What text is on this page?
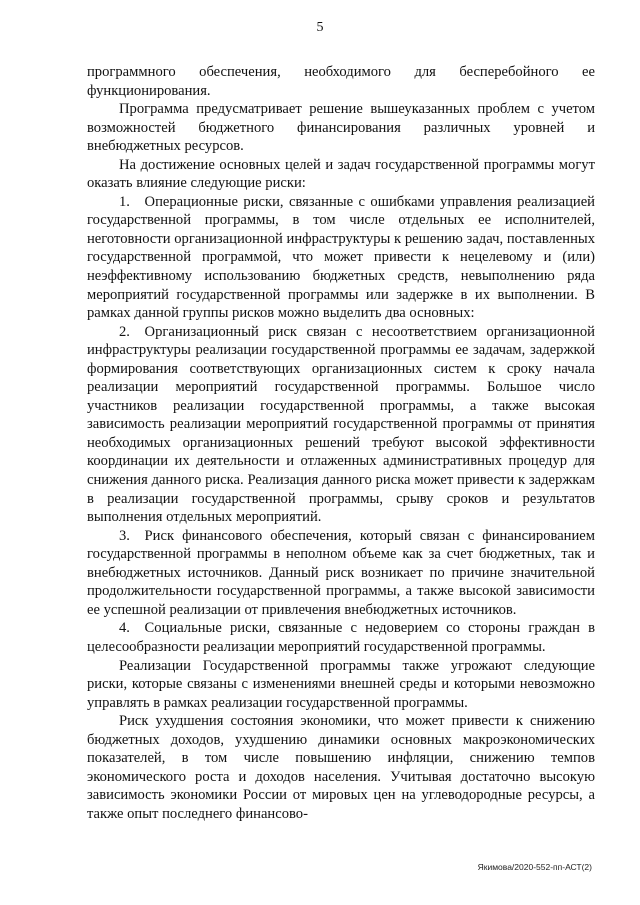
5

программного обеспечения, необходимого для бесперебойного ее функционирования.

Программа предусматривает решение вышеуказанных проблем с учетом возможностей бюджетного финансирования различных уровней и внебюджетных ресурсов.

На достижение основных целей и задач государственной программы могут оказать влияние следующие риски:

1. Операционные риски, связанные с ошибками управления реализацией государственной программы, в том числе отдельных ее исполнителей, неготовности организационной инфраструктуры к решению задач, поставленных государственной программой, что может привести к нецелевому и (или) неэффективному использованию бюджетных средств, невыполнению ряда мероприятий государственной программы или задержке в их выполнении. В рамках данной группы рисков можно выделить два основных:

2. Организационный риск связан с несоответствием организационной инфраструктуры реализации государственной программы ее задачам, задержкой формирования соответствующих организационных систем к сроку начала реализации мероприятий государственной программы. Большое число участников реализации государственной программы, а также высокая зависимость реализации мероприятий государственной программы от принятия необходимых организационных решений требуют высокой эффективности координации их деятельности и отлаженных административных процедур для снижения данного риска. Реализация данного риска может привести к задержкам в реализации государственной программы, срыву сроков и результатов выполнения отдельных мероприятий.

3. Риск финансового обеспечения, который связан с финансированием государственной программы в неполном объеме как за счет бюджетных, так и внебюджетных источников. Данный риск возникает по причине значительной продолжительности государственной программы, а также высокой зависимости ее успешной реализации от привлечения внебюджетных источников.

4. Социальные риски, связанные с недоверием со стороны граждан в целесообразности реализации мероприятий государственной программы.

Реализации Государственной программы также угрожают следующие риски, которые связаны с изменениями внешней среды и которыми невозможно управлять в рамках реализации государственной программы.

Риск ухудшения состояния экономики, что может привести к снижению бюджетных доходов, ухудшению динамики основных макроэкономических показателей, в том числе повышению инфляции, снижению темпов экономического роста и доходов населения. Учитывая достаточно высокую зависимость экономики России от мировых цен на углеводородные ресурсы, а также опыт последнего финансово-

Якимова/2020-552-пп-АСТ(2)
